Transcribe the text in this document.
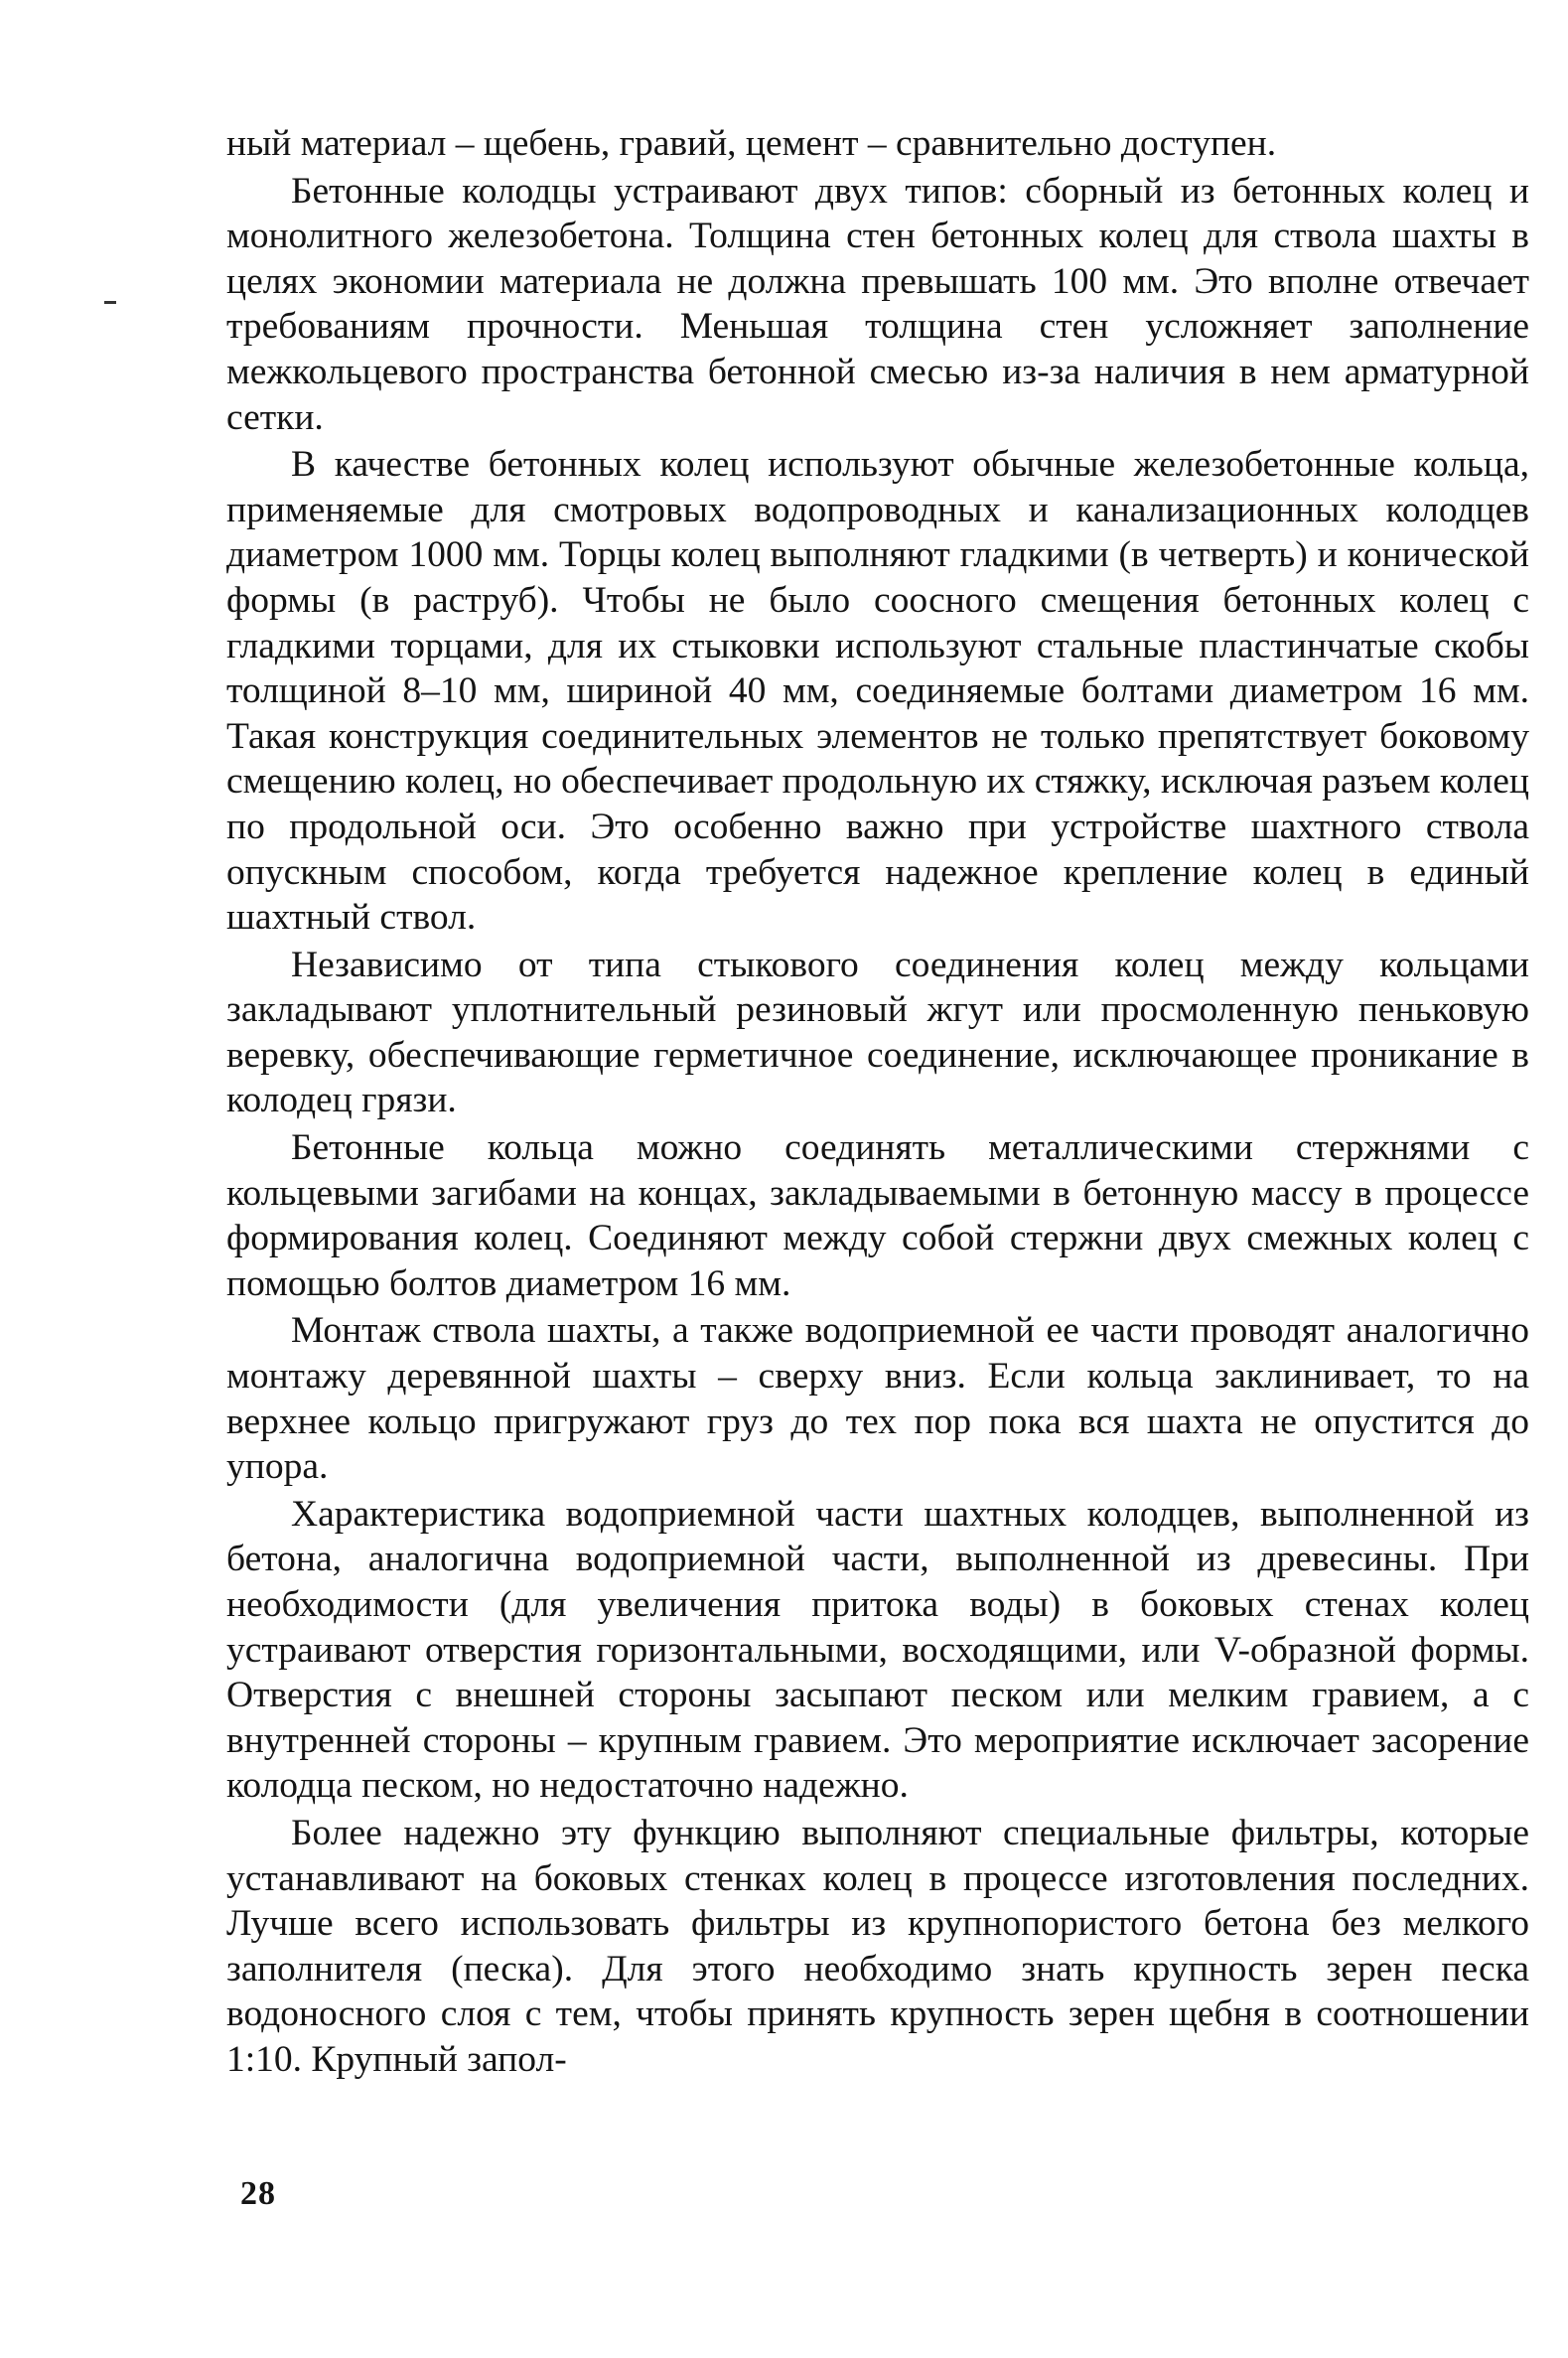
ный материал – щебень, гравий, цемент – сравнительно доступен.

Бетонные колодцы устраивают двух типов: сборный из бетонных колец и монолитного железобетона. Толщина стен бетонных колец для ствола шахты в целях экономии материала не должна превышать 100 мм. Это вполне отвечает требованиям прочности. Меньшая толщина стен усложняет заполнение межкольцевого пространства бетонной смесью из-за наличия в нем арматурной сетки.

В качестве бетонных колец используют обычные железобетонные кольца, применяемые для смотровых водопроводных и канализационных колодцев диаметром 1000 мм. Торцы колец выполняют гладкими (в четверть) и конической формы (в раструб). Чтобы не было соосного смещения бетонных колец с гладкими торцами, для их стыковки используют стальные пластинчатые скобы толщиной 8–10 мм, шириной 40 мм, соединяемые болтами диаметром 16 мм. Такая конструкция соединительных элементов не только препятствует боковому смещению колец, но обеспечивает продольную их стяжку, исключая разъем колец по продольной оси. Это особенно важно при устройстве шахтного ствола опускным способом, когда требуется надежное крепление колец в единый шахтный ствол.

Независимо от типа стыкового соединения колец между кольцами закладывают уплотнительный резиновый жгут или просмоленную пеньковую веревку, обеспечивающие герметичное соединение, исключающее проникание в колодец грязи.

Бетонные кольца можно соединять металлическими стержнями с кольцевыми загибами на концах, закладываемыми в бетонную массу в процессе формирования колец. Соединяют между собой стержни двух смежных колец с помощью болтов диаметром 16 мм.

Монтаж ствола шахты, а также водоприемной ее части проводят аналогично монтажу деревянной шахты – сверху вниз. Если кольца заклинивает, то на верхнее кольцо пригружают груз до тех пор пока вся шахта не опустится до упора.

Характеристика водоприемной части шахтных колодцев, выполненной из бетона, аналогична водоприемной части, выполненной из древесины. При необходимости (для увеличения притока воды) в боковых стенах колец устраивают отверстия горизонтальными, восходящими, или V-образной формы. Отверстия с внешней стороны засыпают песком или мелким гравием, а с внутренней стороны – крупным гравием. Это мероприятие исключает засорение колодца песком, но недостаточно надежно.

Более надежно эту функцию выполняют специальные фильтры, которые устанавливают на боковых стенках колец в процессе изготовления последних. Лучше всего использовать фильтры из крупнопористого бетона без мелкого заполнителя (песка). Для этого необходимо знать крупность зерен песка водоносного слоя с тем, чтобы принять крупность зерен щебня в соотношении 1:10. Крупный запол-

28
